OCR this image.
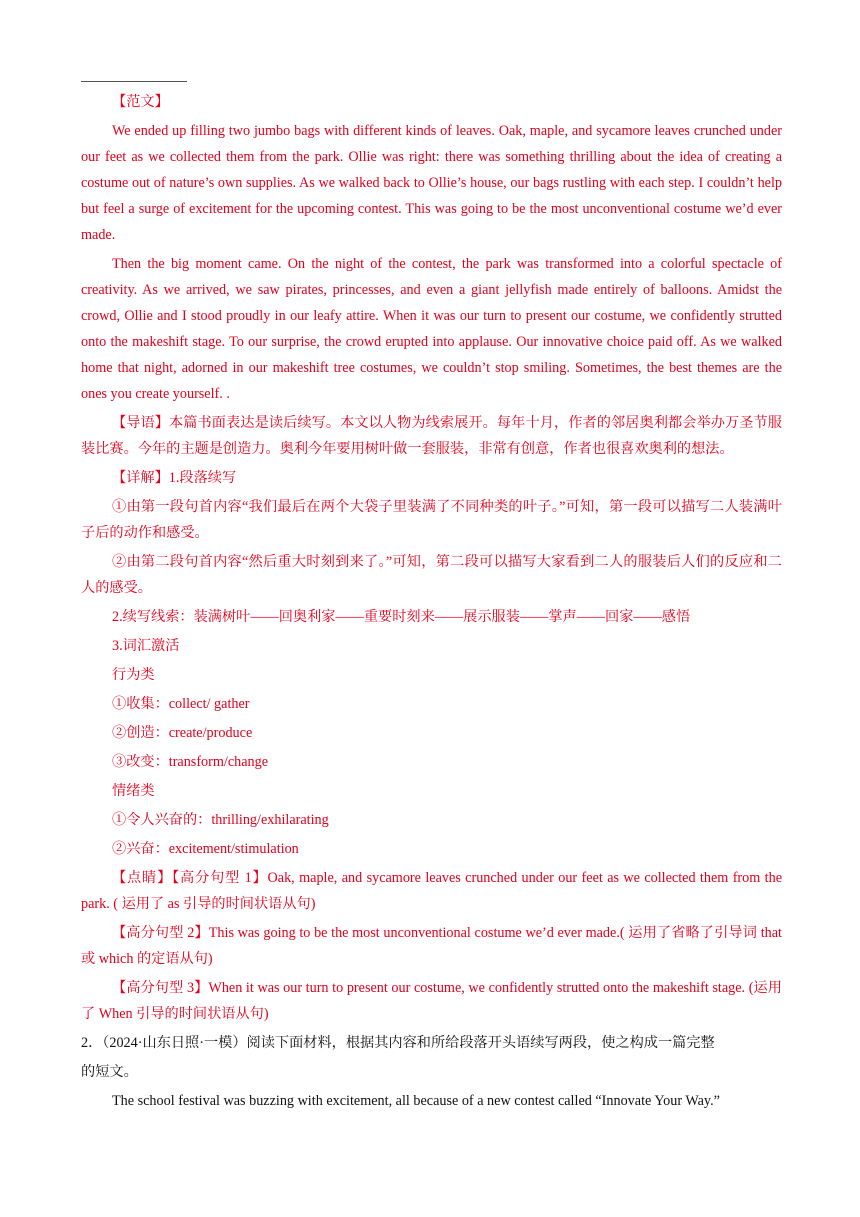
【范文】

We ended up filling two jumbo bags with different kinds of leaves. Oak, maple, and sycamore leaves crunched under our feet as we collected them from the park. Ollie was right: there was something thrilling about the idea of creating a costume out of nature’s own supplies. As we walked back to Ollie’s house, our bags rustling with each step. I couldn’t help but feel a surge of excitement for the upcoming contest. This was going to be the most unconventional costume we’d ever made.

Then the big moment came. On the night of the contest, the park was transformed into a colorful spectacle of creativity. As we arrived, we saw pirates, princesses, and even a giant jellyfish made entirely of balloons. Amidst the crowd, Ollie and I stood proudly in our leafy attire. When it was our turn to present our costume, we confidently strutted onto the makeshift stage. To our surprise, the crowd erupted into applause. Our innovative choice paid off. As we walked home that night, adorned in our makeshift tree costumes, we couldn’t stop smiling. Sometimes, the best themes are the ones you create yourself. .

【导语】本篇书面表达是读后续写。本文以人物为线索展开。每年十月，作者的邻居奥利都会举办万圣节服装比赛。今年的主题是创造力。奥利今年要用树叶做一套服装，非常有创意，作者也很喜欢奥利的想法。

【详解】1.段落续写

①由第一段句首内容“我们最后在两个大袋子里装满了不同种类的叶子。”可知，第一段可以描写二人装满叶子后的动作和感受。

②由第二段句首内容“然后重大时刻到来了。”可知，第二段可以描写大家看到二人的服装后人们的反应和二人的感受。

2.续写线索：装满树叶——回奥利家——重要时刻来——展示服装——掌声——回家——感悟

3.词汇激活

行为类

①收集：collect/ gather

②创造：create/produce

③改变：transform/change

情绪类

①令人兴奋的：thrilling/exhilarating

②兴奋：excitement/stimulation

【点睛】【高分句型 1】Oak, maple, and sycamore leaves crunched under our feet as we collected them from the park. ( 运用了 as 引导的时间状语从句)

【高分句型 2】This was going to be the most unconventional costume we’d ever made.( 运用了省略了引导词 that 或 which 的定语从句)

【高分句型 3】When it was our turn to present our costume, we confidently strutted onto the makeshift stage. (运用了 When 引导的时间状语从句)

2．（2024·山东日照·一模）阅读下面材料，根据其内容和所给段落开头语续写两段，使之构成一篇完整

的短文。

The school festival was buzzing with excitement, all because of a new contest called “Innovate Your Way.”
